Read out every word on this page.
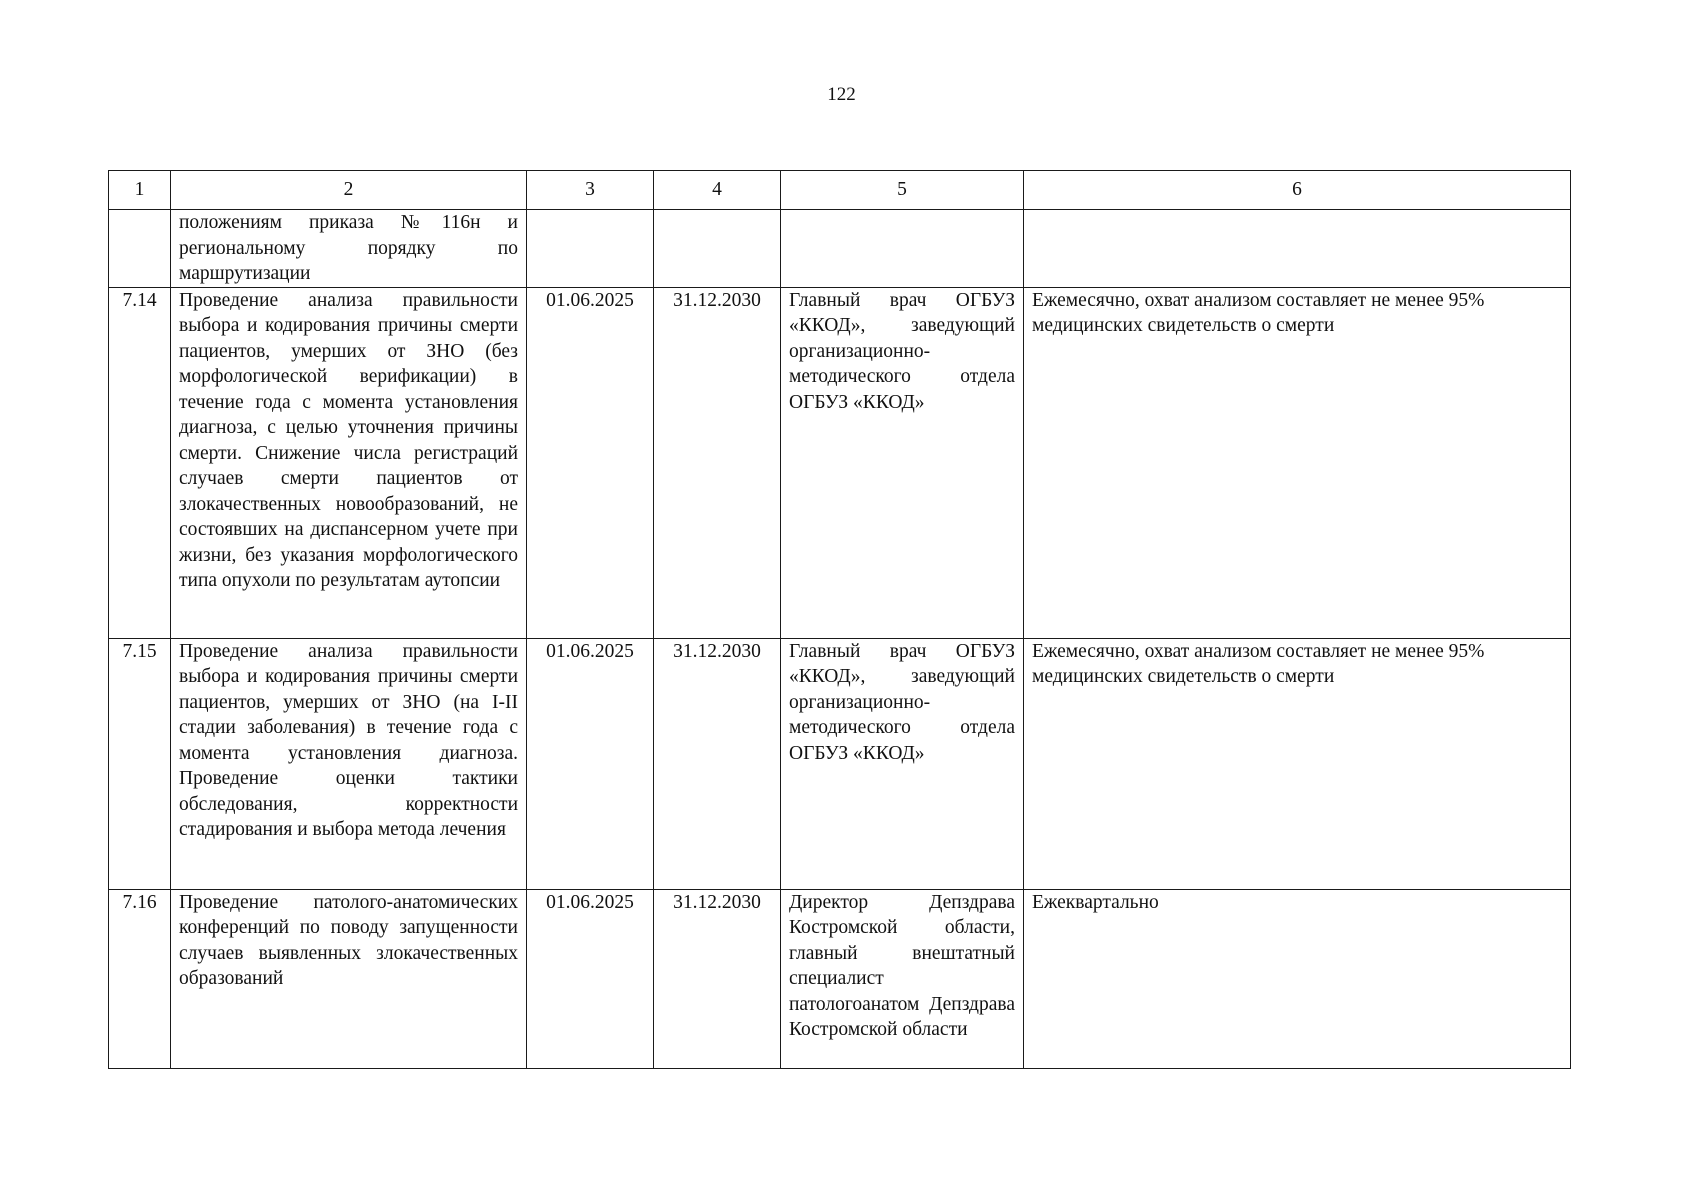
122
1	2	3	4	5	6
	положениям приказа №116н и региональному порядку по маршрутизации				
7.14	Проведение анализа правильности выбора и кодирования причины смерти пациентов, умерших от ЗНО (без морфологической верификации) в течение года с момента установления диагноза, с целью уточнения причины смерти. Снижение числа регистраций случаев смерти пациентов от злокачественных новообразований, не состоявших на диспансерном учете при жизни, без указания морфологического типа опухоли по результатам аутопсии	01.06.2025	31.12.2030	Главный врач ОГБУЗ «ККОД», заведующий организационно-методического отдела ОГБУЗ «ККОД»	Ежемесячно, охват анализом составляет не менее 95% медицинских свидетельств о смерти
7.15	Проведение анализа правильности выбора и кодирования причины смерти пациентов, умерших от ЗНО (на I-II стадии заболевания) в течение года с момента установления диагноза. Проведение оценки тактики обследования, корректности стадирования и выбора метода лечения	01.06.2025	31.12.2030	Главный врач ОГБУЗ «ККОД», заведующий организационно-методического отдела ОГБУЗ «ККОД»	Ежемесячно, охват анализом составляет не менее 95% медицинских свидетельств о смерти
7.16	Проведение патолого-анатомических конференций по поводу запущенности случаев выявленных злокачественных образований	01.06.2025	31.12.2030	Директор Депздрава Костромской области, главный внештатный специалист патологоанатом Депздрава Костромской области	Ежеквартально
